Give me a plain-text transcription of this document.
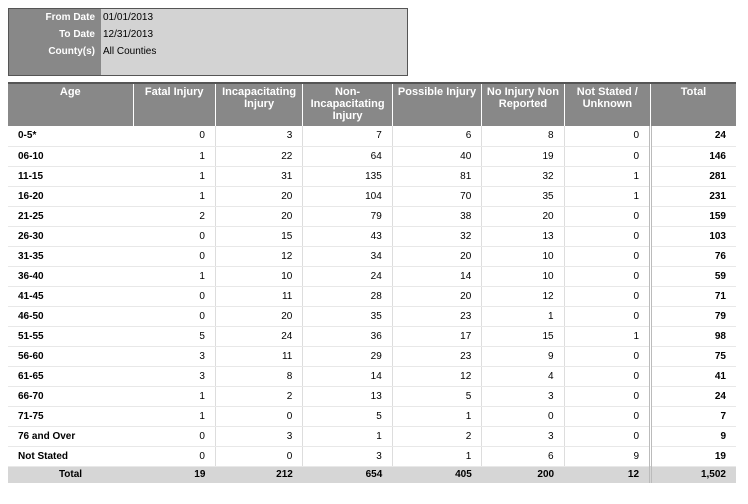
From Date 01/01/2013
To Date 12/31/2013
County(s) All Counties
Age	Fatal Injury	Incapacitating Injury	Non-Incapacitating Injury	Possible Injury	No Injury Non Reported	Not Stated / Unknown	Total
0-5*	0	3	7	6	8	0	24
06-10	1	22	64	40	19	0	146
11-15	1	31	135	81	32	1	281
16-20	1	20	104	70	35	1	231
21-25	2	20	79	38	20	0	159
26-30	0	15	43	32	13	0	103
31-35	0	12	34	20	10	0	76
36-40	1	10	24	14	10	0	59
41-45	0	11	28	20	12	0	71
46-50	0	20	35	23	1	0	79
51-55	5	24	36	17	15	1	98
56-60	3	11	29	23	9	0	75
61-65	3	8	14	12	4	0	41
66-70	1	2	13	5	3	0	24
71-75	1	0	5	1	0	0	7
76 and Over	0	3	1	2	3	0	9
Not Stated	0	0	3	1	6	9	19
Total	19	212	654	405	200	12	1,502
